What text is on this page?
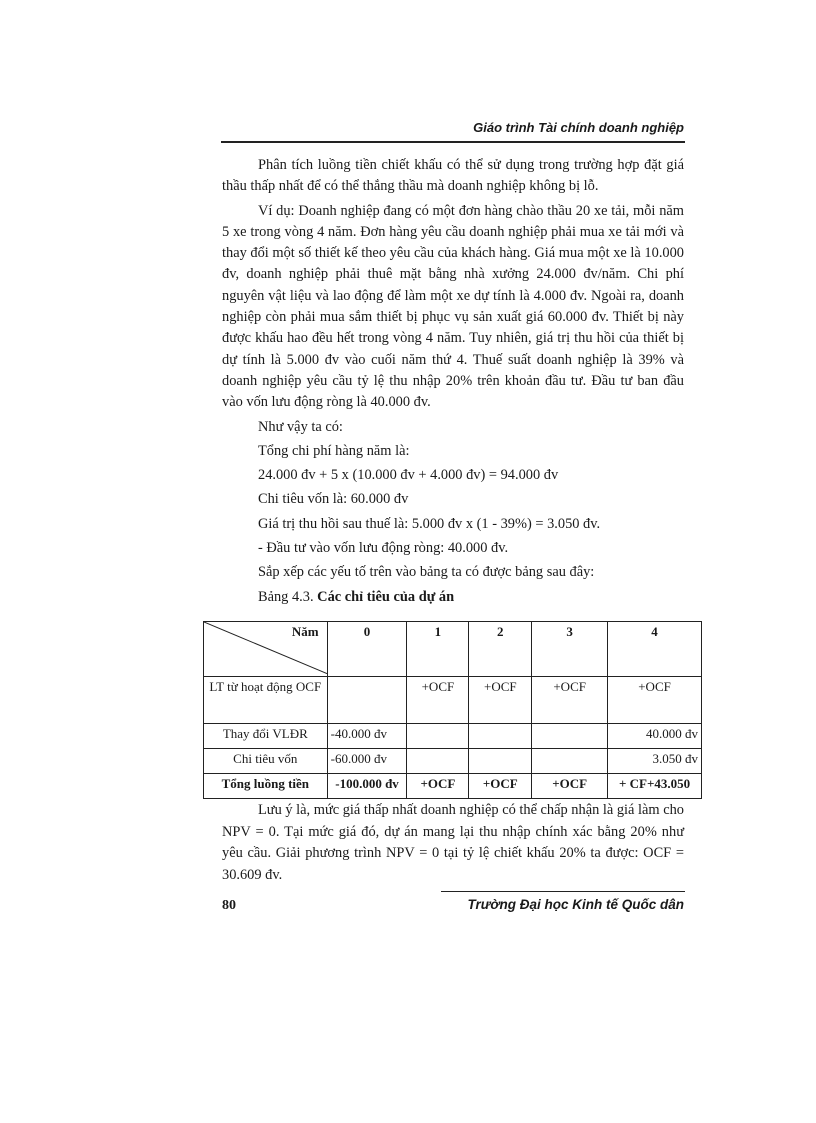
Giáo trình Tài chính doanh nghiệp

Phân tích luồng tiền chiết khấu có thể sử dụng trong trường hợp đặt giá thầu thấp nhất để có thể thắng thầu mà doanh nghiệp không bị lỗ.

Ví dụ: Doanh nghiệp đang có một đơn hàng chào thầu 20 xe tải, mỗi năm 5 xe trong vòng 4 năm. Đơn hàng yêu cầu doanh nghiệp phải mua xe tải mới và thay đổi một số thiết kế theo yêu cầu của khách hàng. Giá mua một xe là 10.000 đv, doanh nghiệp phải thuê mặt bằng nhà xưởng 24.000 đv/năm. Chi phí nguyên vật liệu và lao động để làm một xe dự tính là 4.000 đv. Ngoài ra, doanh nghiệp còn phải mua sắm thiết bị phục vụ sản xuất giá 60.000 đv. Thiết bị này được khấu hao đều hết trong vòng 4 năm. Tuy nhiên, giá trị thu hồi của thiết bị dự tính là 5.000 đv vào cuối năm thứ 4. Thuế suất doanh nghiệp là 39% và doanh nghiệp yêu cầu tỷ lệ thu nhập 20% trên khoản đầu tư. Đầu tư ban đầu vào vốn lưu động ròng là 40.000 đv.

Như vậy ta có:

Tổng chi phí hàng năm là:

24.000 đv + 5 x (10.000 đv + 4.000 đv) = 94.000 đv

Chi tiêu vốn là: 60.000 đv

Giá trị thu hồi sau thuế là: 5.000 đv x (1 - 39%) = 3.050 đv.

- Đầu tư vào vốn lưu động ròng: 40.000 đv.

Sắp xếp các yếu tố trên vào bảng ta có được bảng sau đây:

Bảng 4.3. Các chỉ tiêu của dự án

Năm	0	1	2	3	4
LT từ hoạt động OCF		+OCF	+OCF	+OCF	+OCF
Thay đổi VLĐR	-40.000 đv				40.000 đv
Chi tiêu vốn	-60.000 đv				3.050 đv
Tổng luồng tiền	-100.000 đv	+OCF	+OCF	+OCF	+ CF+43.050

Lưu ý là, mức giá thấp nhất doanh nghiệp có thể chấp nhận là giá làm cho NPV = 0. Tại mức giá đó, dự án mang lại thu nhập chính xác bằng 20% như yêu cầu. Giải phương trình NPV = 0 tại tỷ lệ chiết khấu 20% ta được: OCF = 30.609 đv.

80	Trường Đại học Kinh tế Quốc dân
